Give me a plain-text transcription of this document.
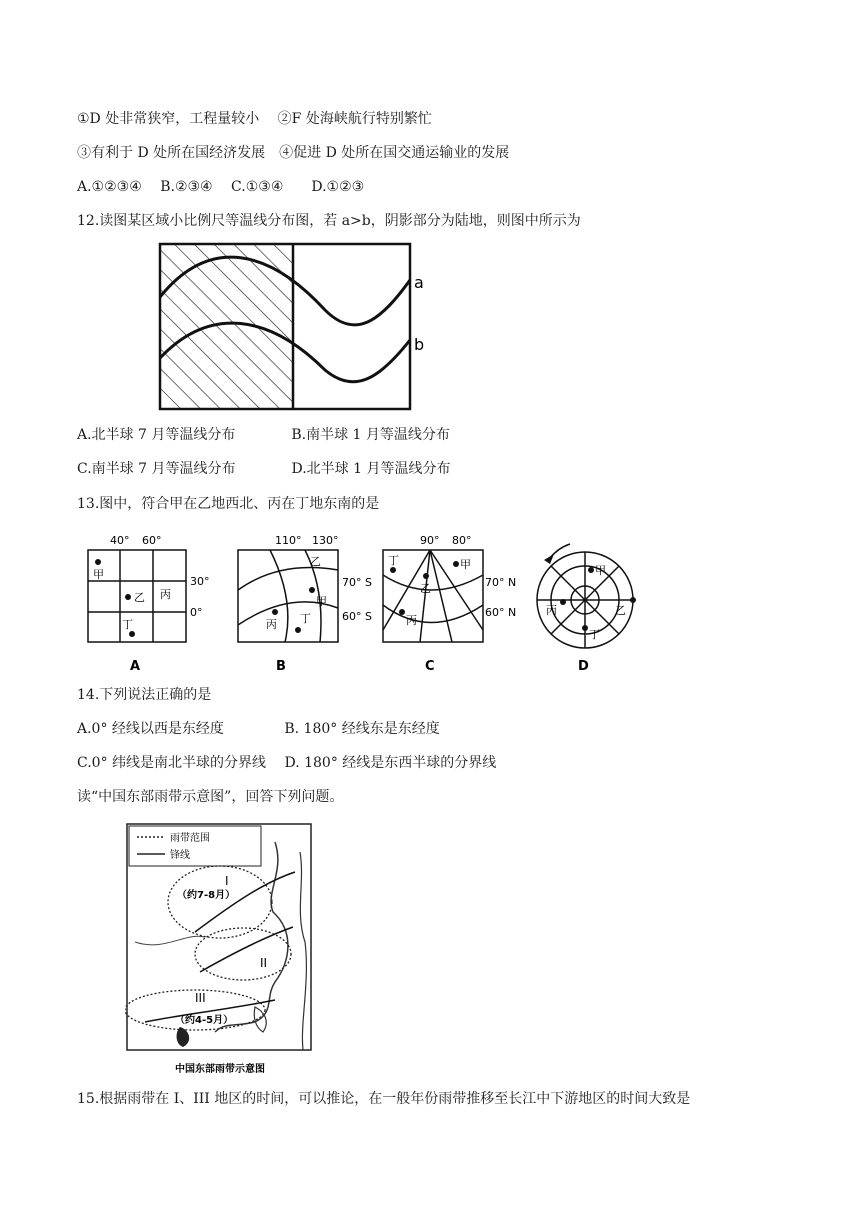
①D 处非常狭窄，工程量较小　 ②F 处海峡航行特别繁忙
③有利于 D 处所在国经济发展　④促进 D 处所在国交通运输业的发展
A.①②③④　 B.②③④　 C.①③④　　D.①②③
12.读图某区域小比例尺等温线分布图，若 a>b，阴影部分为陆地，则图中所示为
a
b
A.北半球 7 月等温线分布　　　　B.南半球 1 月等温线分布
C.南半球 7 月等温线分布　　　　D.北半球 1 月等温线分布
13.图中，符合甲在乙地西北、丙在丁地东南的是
40° 60°
30°
0°
甲
乙 丙
丁
A
110° 130°
70° S
60° S
乙
甲
丙 丁
B
90° 80°
70° N
60° N
丁	甲
乙
丙
C
甲
丙	乙
丁
D
14.下列说法正确的是
A.0° 经线以西是东经度　　　　 B. 180° 经线东是东经度
C.0° 纬线是南北半球的分界线　 D. 180° 经线是东西半球的分界线
读“中国东部雨带示意图”，回答下列问题。
雨带范围
锋线
I
（约7-8月）
II
III
（约4-5月）
中国东部雨带示意图
15.根据雨带在 I、III 地区的时间，可以推论，在一般年份雨带推移至长江中下游地区的时间大致是
